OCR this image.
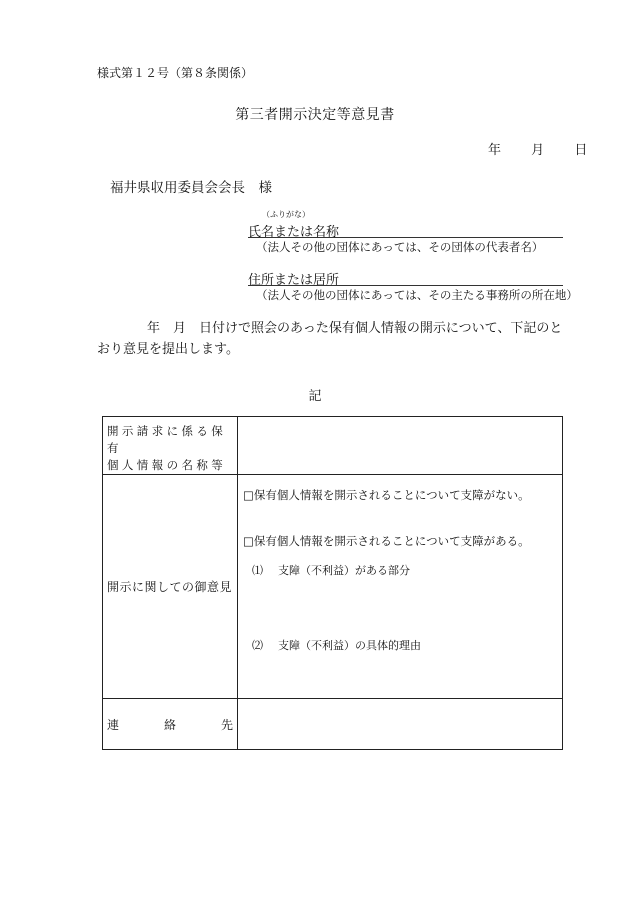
様式第１２号（第８条関係）
第三者開示決定等意見書
年 月 日
福井県収用委員会会長　様
（ふりがな）
氏名または名称
（法人その他の団体にあっては、その団体の代表者名）
住所または居所
（法人その他の団体にあっては、その主たる事務所の所在地）
年　月　日付けで照会のあった保有個人情報の開示について、下記のとおり意見を提出します。
記
開示請求に係る保有
個人情報の名称等	

開示に関しての御意見	□保有個人情報を開示されることについて支障がない。
□保有個人情報を開示されることについて支障がある。
⑴ 支障（不利益）がある部分
⑵ 支障（不利益）の具体的理由

連 絡 先	
